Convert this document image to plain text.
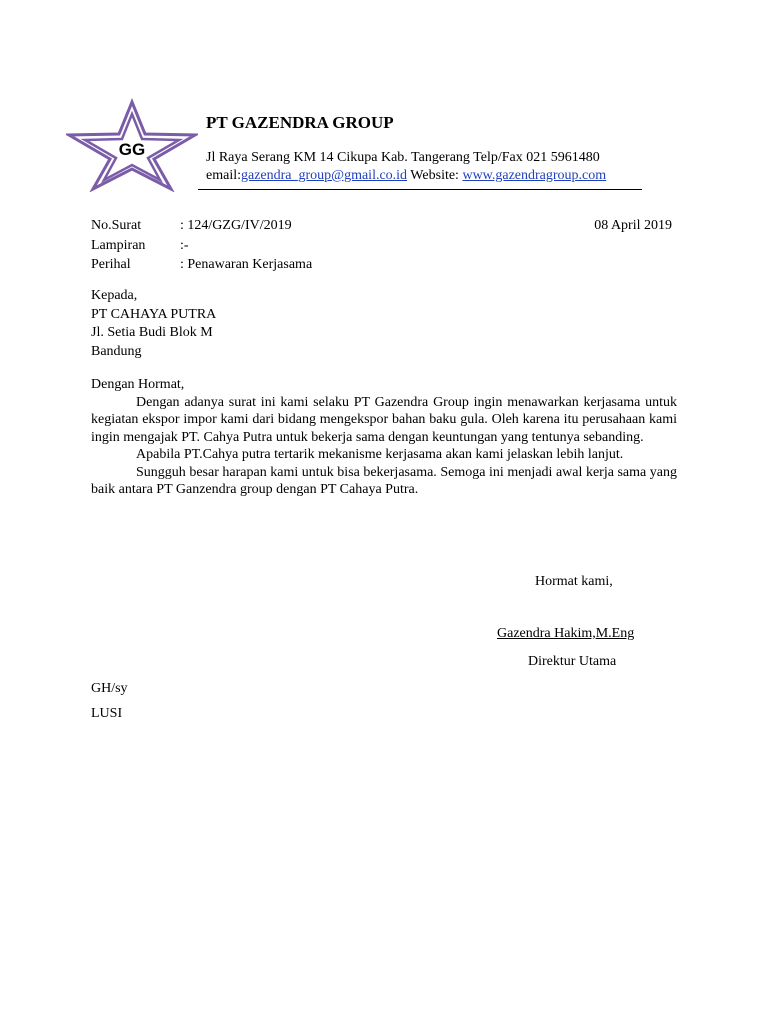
GG
PT GAZENDRA GROUP
Jl Raya Serang KM 14 Cikupa Kab. Tangerang Telp/Fax 021 5961480
email:gazendra_group@gmail.co.id Website: www.gazendragroup.com
No.Surat	: 124/GZG/IV/2019
Lampiran :-
Perihal	: Penawaran Kerjasama
08 April 2019
Kepada,
PT CAHAYA PUTRA
Jl. Setia Budi Blok M
Bandung
Dengan Hormat,
Dengan adanya surat ini kami selaku PT Gazendra Group ingin menawarkan kerjasama untuk kegiatan ekspor impor kami dari bidang mengekspor bahan baku gula. Oleh karena itu perusahaan kami ingin mengajak PT. Cahya Putra untuk bekerja sama dengan keuntungan yang tentunya sebanding.
Apabila PT.Cahya putra tertarik mekanisme kerjasama akan kami jelaskan lebih lanjut.
Sungguh besar harapan kami untuk bisa bekerjasama. Semoga ini menjadi awal kerja sama yang baik antara PT Ganzendra group dengan PT Cahaya Putra.
Hormat kami,
Gazendra Hakim,M.Eng
Direktur Utama
GH/sy
LUSI
